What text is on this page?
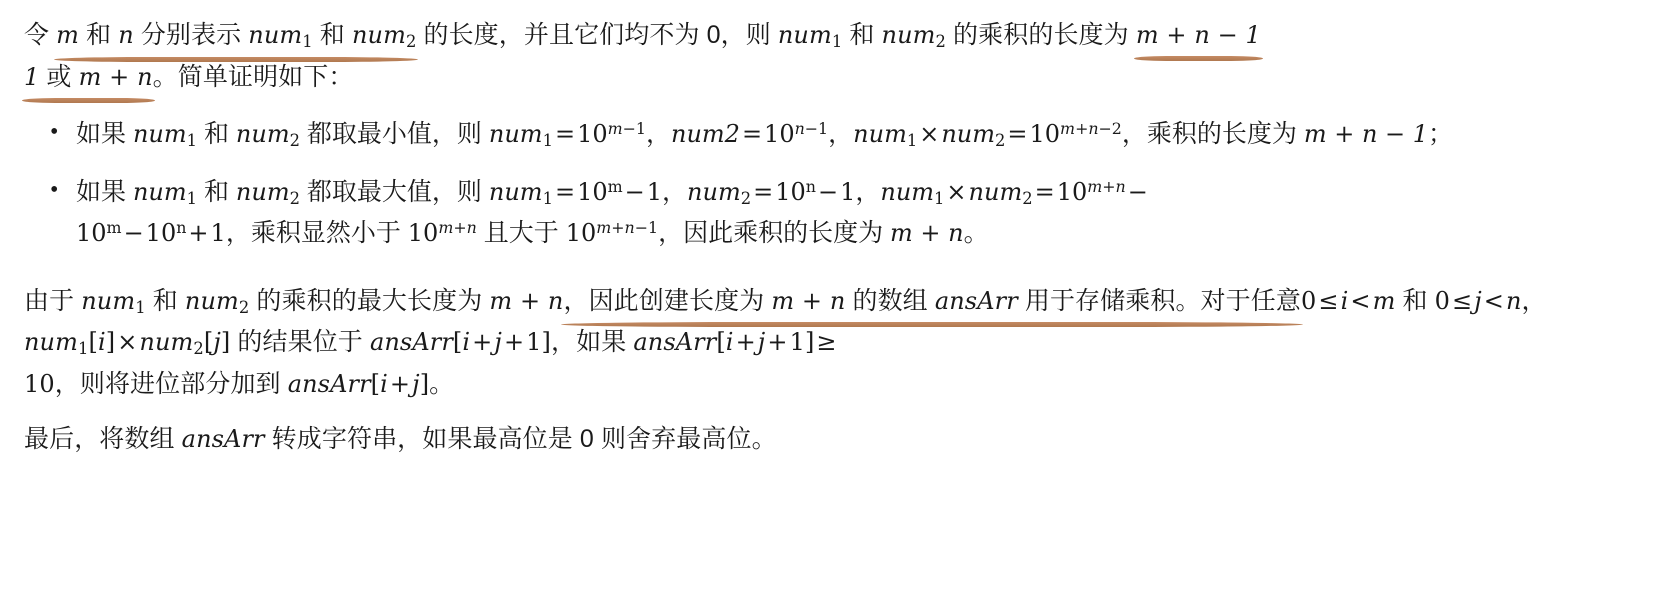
令 m 和 n 分别表示 num$_1$ 和 num$_2$ 的长度，并且它们均不为 0，则 num$_1$ 和 num$_2$ 的乘积的长度为 m + n − 1
1 或 m + n。简单证明如下：

• 如果 num$_1$ 和 num$_2$ 都取最小值，则 $num_1=10^{m-1}$，$num2=10^{n-1}$，$num_1\times num_2=10^{m+n-2}$，乘积的长度为 m + n − 1；
• 如果 num$_1$ 和 num$_2$ 都取最大值，则 $num_1=10^m-1$，$num_2=10^n-1$，$num_1\times num_2=10^{m+n}-$
$10^m-10^n+1$，乘积显然小于 $10^{m+n}$ 且大于 $10^{m+n-1}$，因此乘积的长度为 m + n。

由于 num$_1$ 和 num$_2$ 的乘积的最大长度为 m + n，因此创建长度为 m + n 的数组 ansArr 用于存储乘积。对于任意0≤i<m 和 0≤j<n，num$_1$[i]×num$_2$[j] 的结果位于 ansArr[i+j+1]，如果 ansArr[i+j+1]≥
10，则将进位部分加到 ansArr[i+j]。

最后，将数组 ansArr 转成字符串，如果最高位是 0 则舍弃最高位。
